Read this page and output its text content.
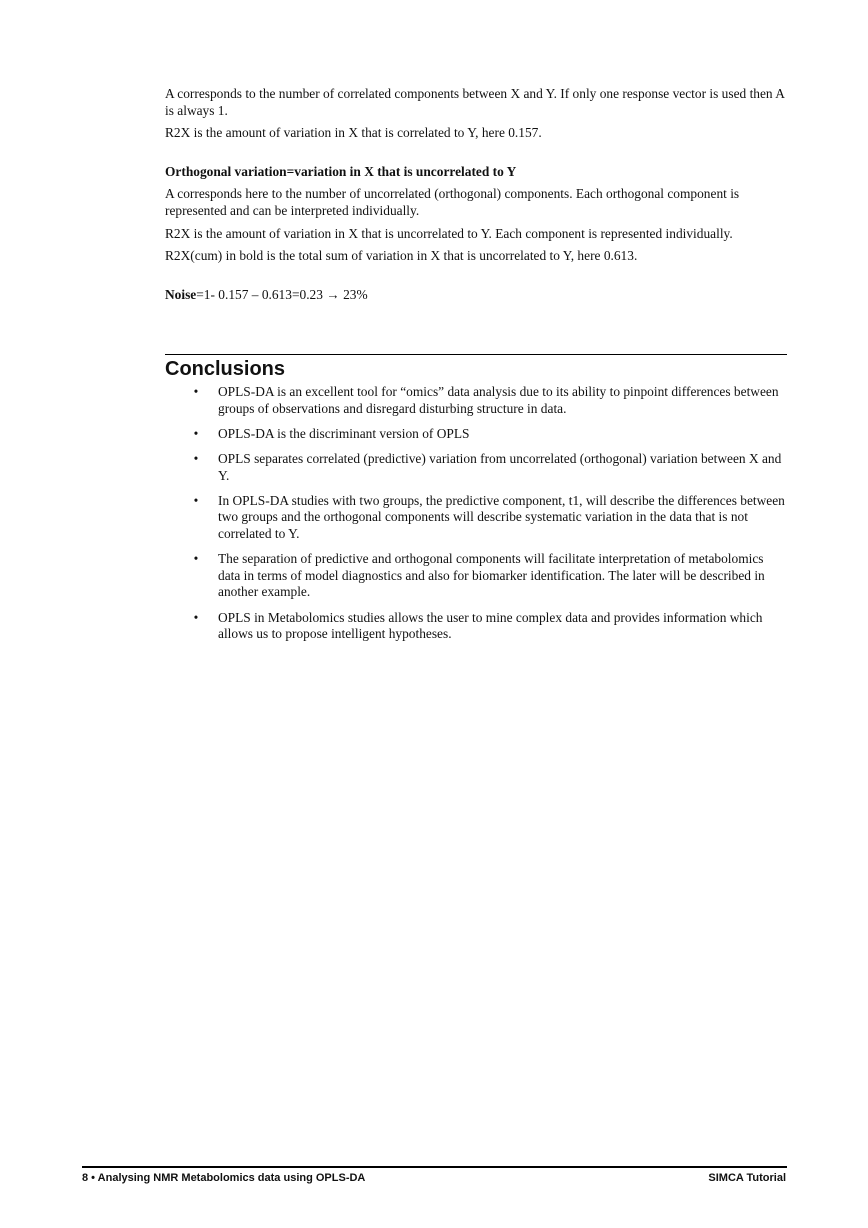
A corresponds to the number of correlated components between X and Y. If only one response vector is used then A is always 1.

R2X is the amount of variation in X that is correlated to Y, here 0.157.

Orthogonal variation=variation in X that is uncorrelated to Y

A corresponds here to the number of uncorrelated (orthogonal) components. Each orthogonal component is represented and can be interpreted individually.

R2X is the amount of variation in X that is uncorrelated to Y. Each component is represented individually.

R2X(cum) in bold is the total sum of variation in X that is uncorrelated to Y, here 0.613.

Noise=1- 0.157 – 0.613=0.23 → 23%

Conclusions
•	OPLS-DA is an excellent tool for “omics” data analysis due to its ability to pinpoint differences between groups of observations and disregard disturbing structure in data.
•	OPLS-DA is the discriminant version of OPLS
•	OPLS separates correlated (predictive) variation from uncorrelated (orthogonal) variation between X and Y.
•	In OPLS-DA studies with two groups, the predictive component, t1, will describe the differences between two groups and the orthogonal components will describe systematic variation in the data that is not correlated to Y.
•	The separation of predictive and orthogonal components will facilitate interpretation of metabolomics data in terms of model diagnostics and also for biomarker identification. The later will be described in another example.
•	OPLS in Metabolomics studies allows the user to mine complex data and provides information which allows us to propose intelligent hypotheses.
8 • Analysing NMR Metabolomics data using OPLS-DA	SIMCA Tutorial
